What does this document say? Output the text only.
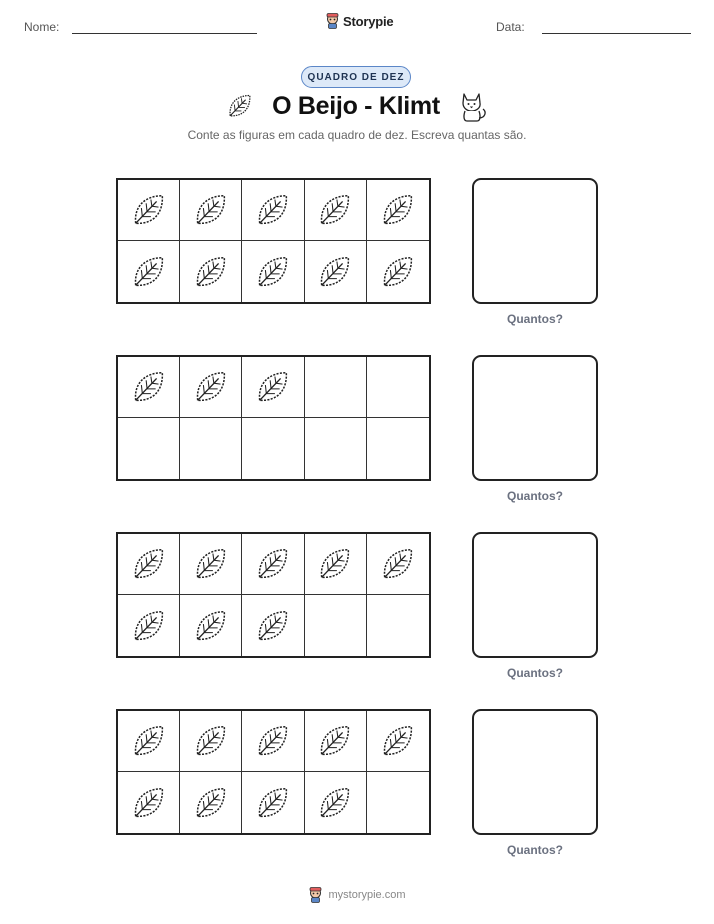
Nome:	Storypie	Data:
QUADRO DE DEZ
O Beijo - Klimt
Conte as figuras em cada quadro de dez. Escreva quantas são.
Quantos?
Quantos?
Quantos?
Quantos?
mystorypie.com
